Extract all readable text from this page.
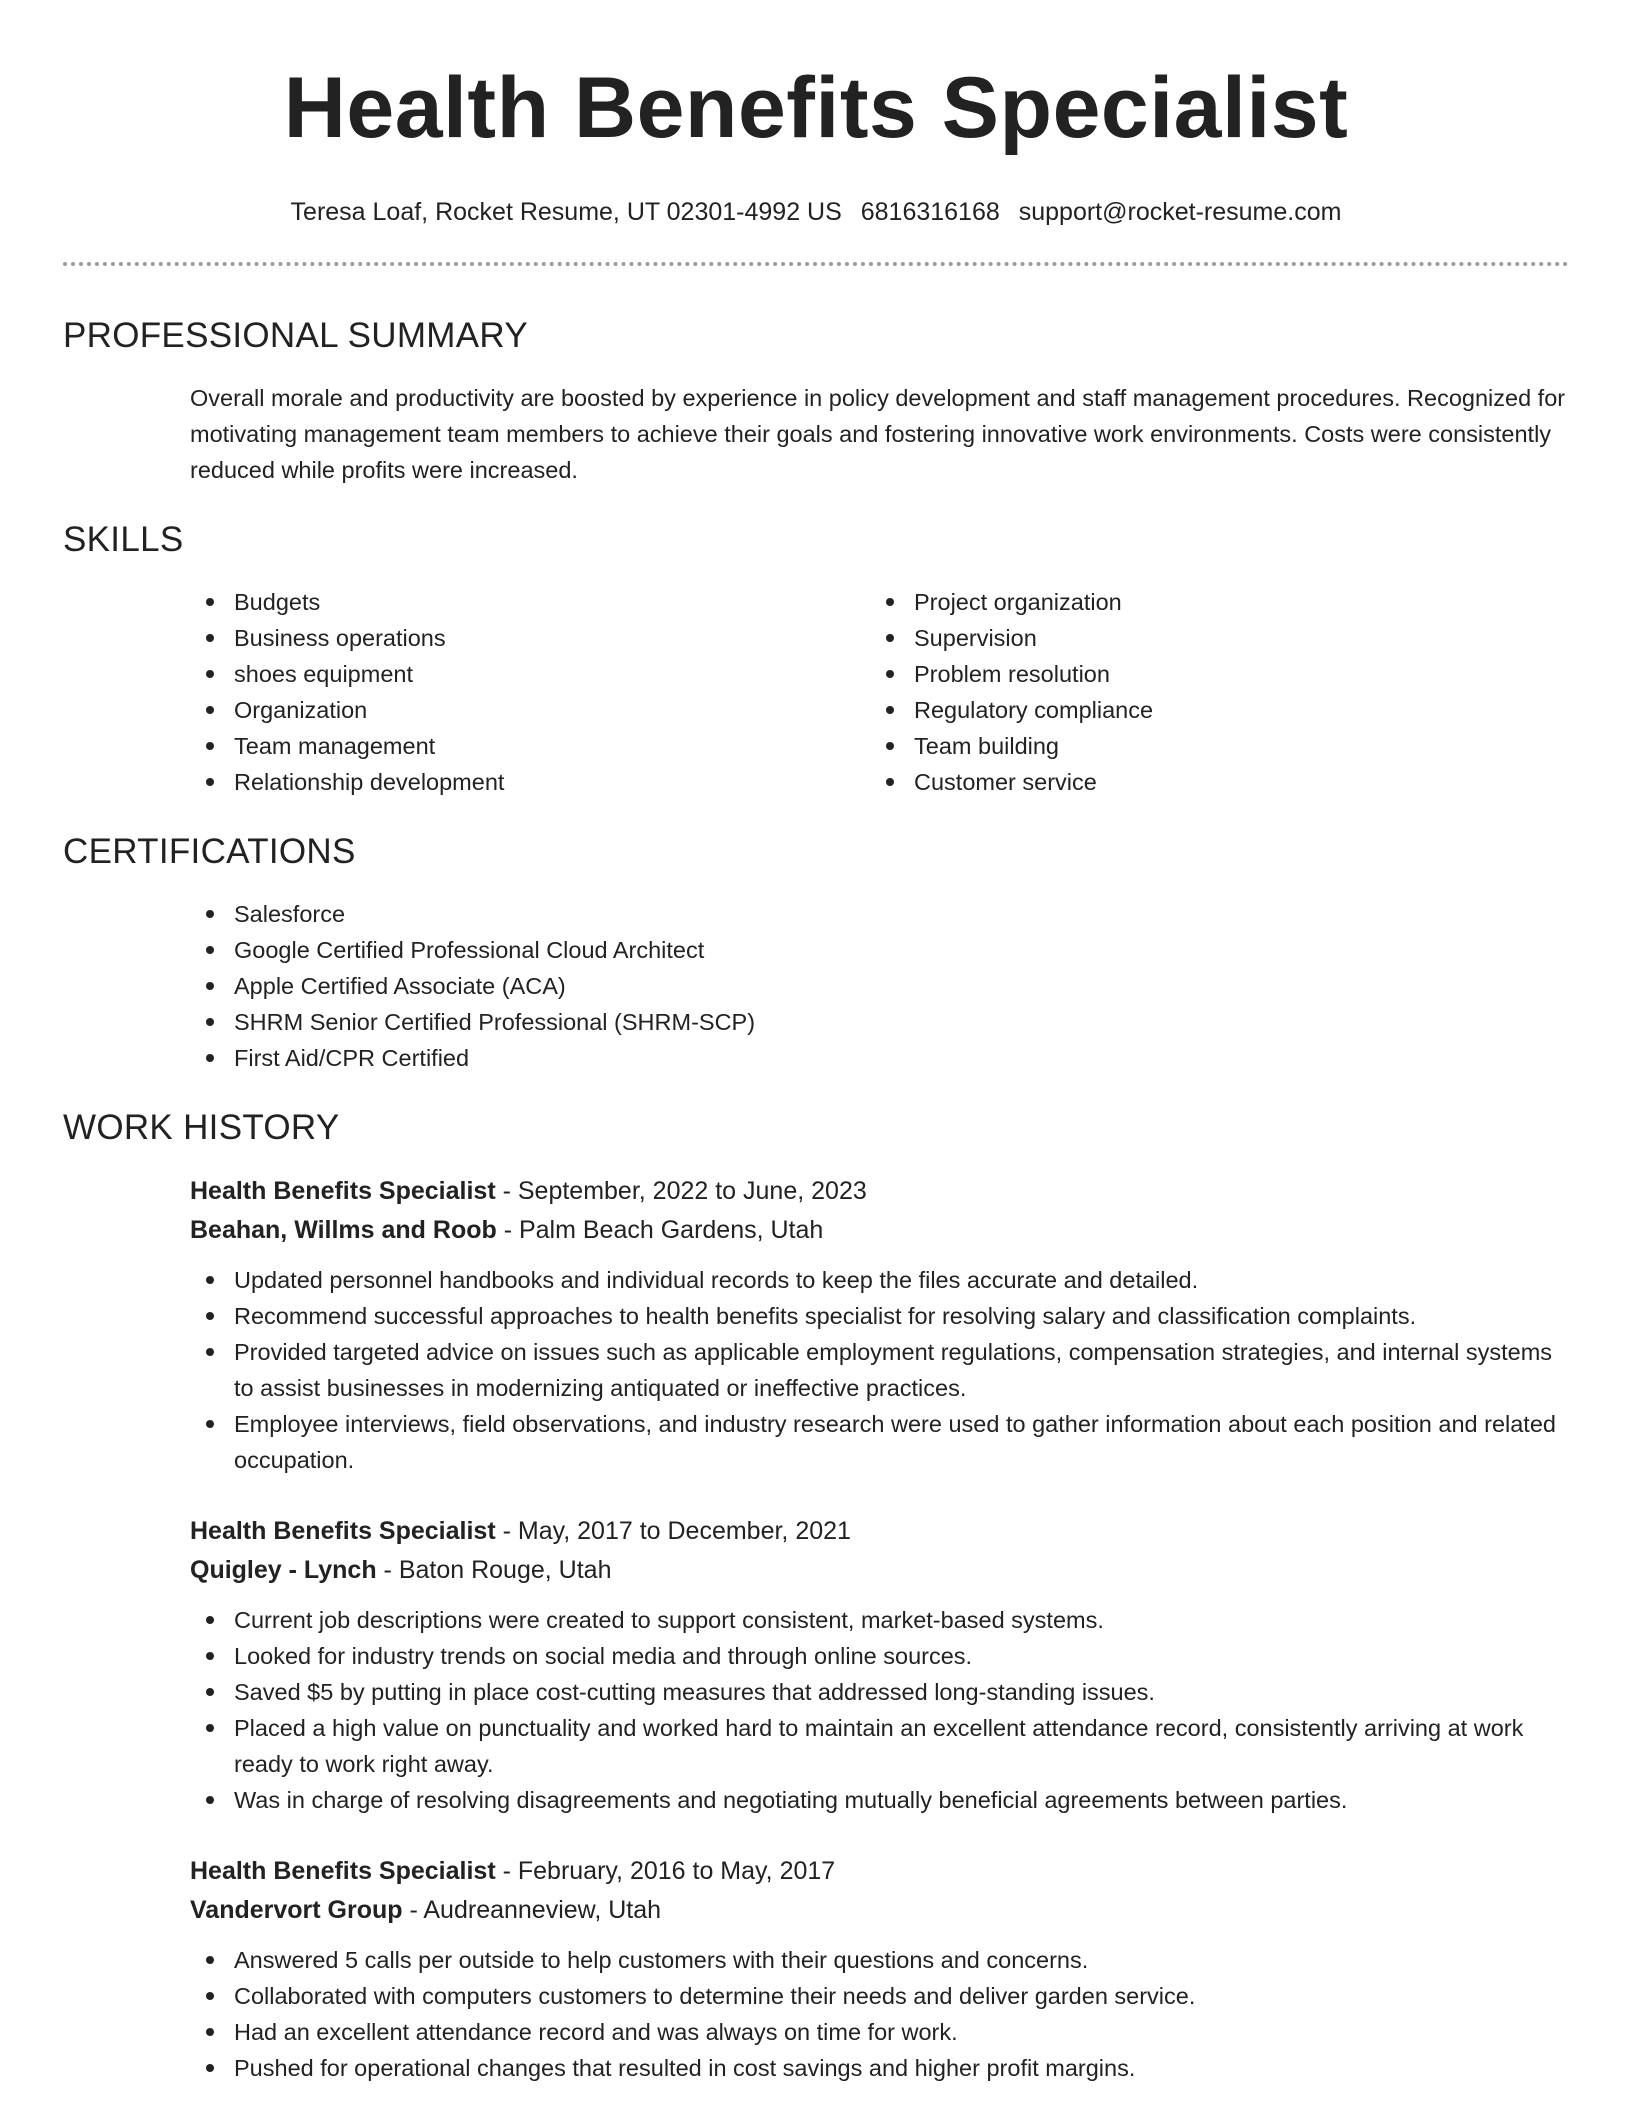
Health Benefits Specialist
Teresa Loaf, Rocket Resume, UT 02301-4992 US 6816316168 support@rocket-resume.com
PROFESSIONAL SUMMARY

Overall morale and productivity are boosted by experience in policy development and staff management procedures. Recognized for motivating management team members to achieve their goals and fostering innovative work environments. Costs were consistently reduced while profits were increased.

SKILLS
Budgets
Business operations
shoes equipment
Organization
Team management
Relationship development
Project organization
Supervision
Problem resolution
Regulatory compliance
Team building
Customer service
CERTIFICATIONS
Salesforce
Google Certified Professional Cloud Architect
Apple Certified Associate (ACA)
SHRM Senior Certified Professional (SHRM-SCP)
First Aid/CPR Certified
WORK HISTORY
Health Benefits Specialist - September, 2022 to June, 2023
Beahan, Willms and Roob - Palm Beach Gardens, Utah
Updated personnel handbooks and individual records to keep the files accurate and detailed.
Recommend successful approaches to health benefits specialist for resolving salary and classification complaints.
Provided targeted advice on issues such as applicable employment regulations, compensation strategies, and internal systems to assist businesses in modernizing antiquated or ineffective practices.
Employee interviews, field observations, and industry research were used to gather information about each position and related occupation.
Health Benefits Specialist - May, 2017 to December, 2021
Quigley - Lynch - Baton Rouge, Utah
Current job descriptions were created to support consistent, market-based systems.
Looked for industry trends on social media and through online sources.
Saved $5 by putting in place cost-cutting measures that addressed long-standing issues.
Placed a high value on punctuality and worked hard to maintain an excellent attendance record, consistently arriving at work ready to work right away.
Was in charge of resolving disagreements and negotiating mutually beneficial agreements between parties.
Health Benefits Specialist - February, 2016 to May, 2017
Vandervort Group - Audreanneview, Utah
Answered 5 calls per outside to help customers with their questions and concerns.
Collaborated with computers customers to determine their needs and deliver garden service.
Had an excellent attendance record and was always on time for work.
Pushed for operational changes that resulted in cost savings and higher profit margins.
